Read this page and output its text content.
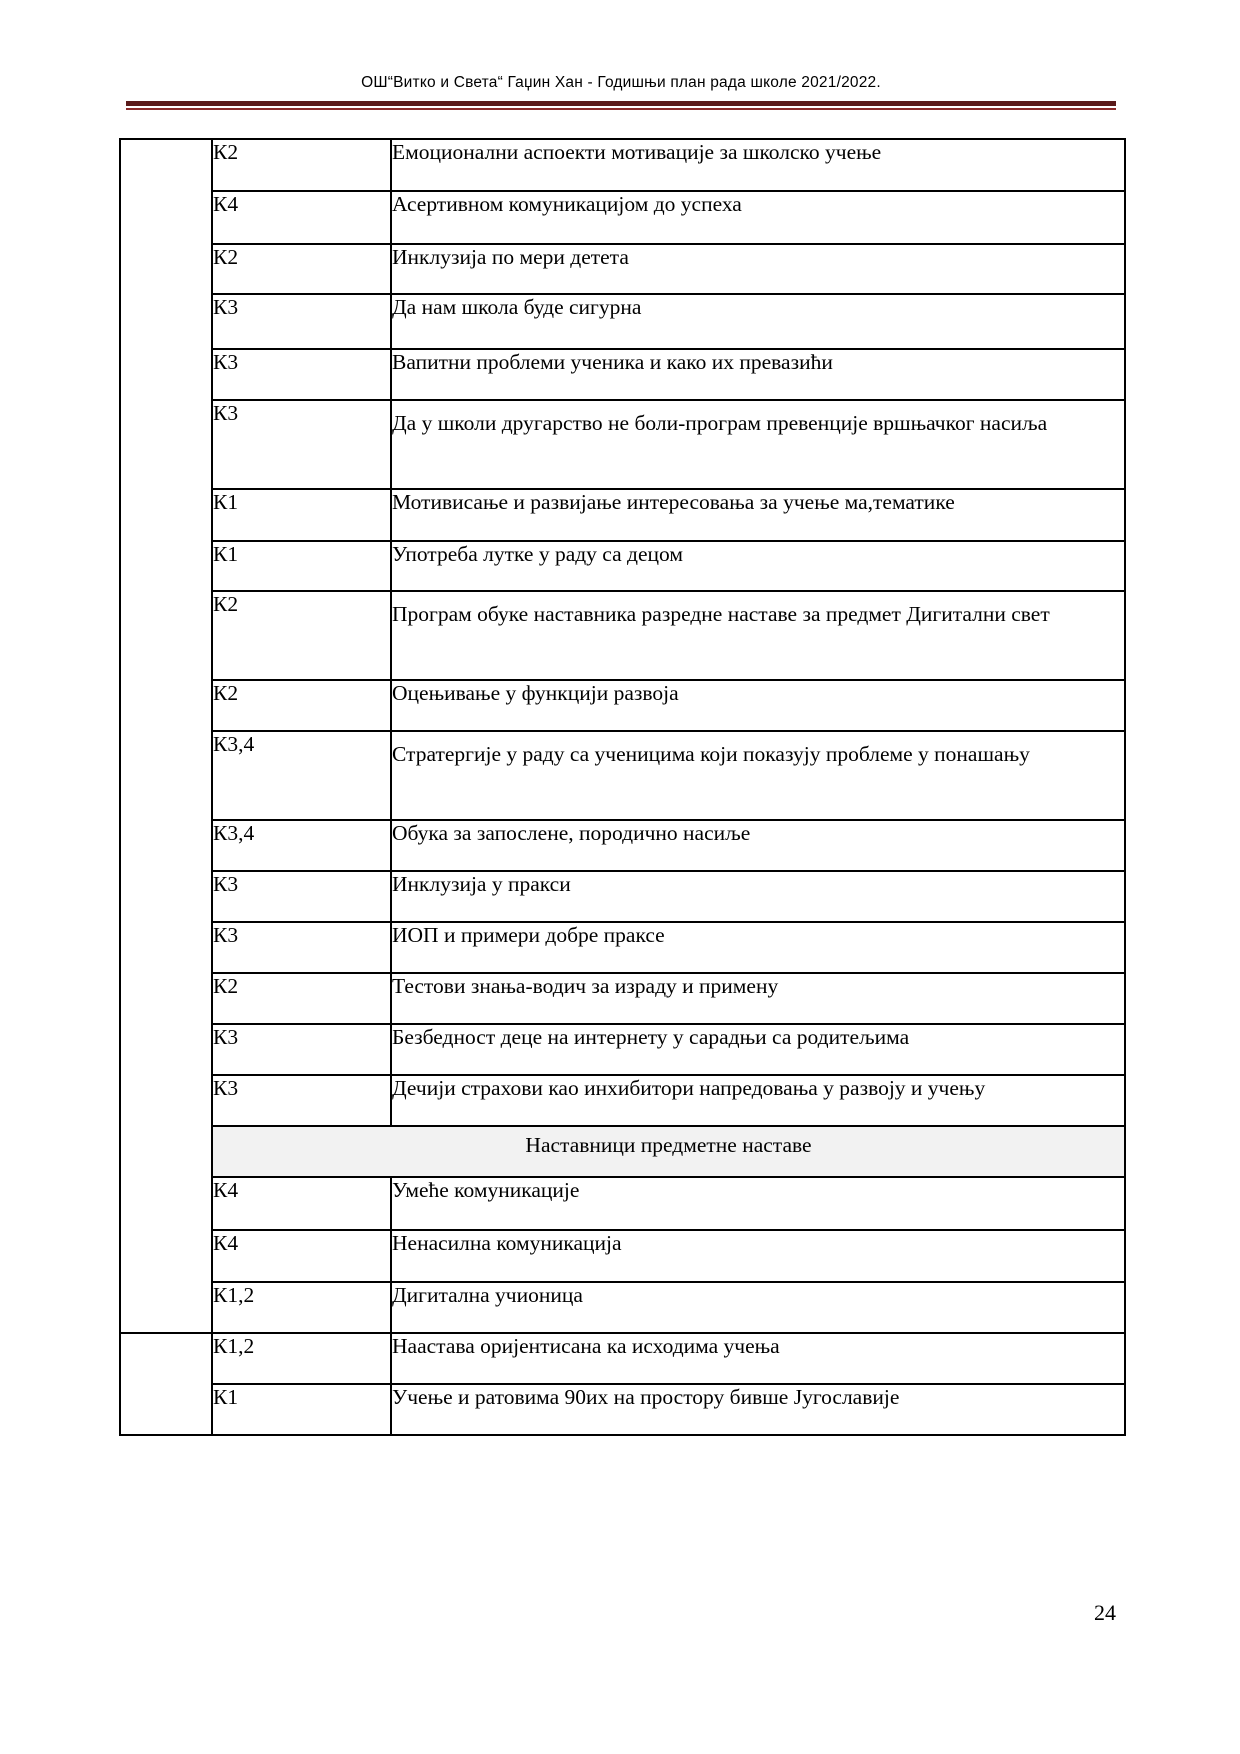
ОШ“Витко и Света“ Гаџин Хан - Годишњи план рада школе 2021/2022.
	К2	Емоционални аспоекти мотивације за школско учење
	К4	Асертивном комуникацијом до успеха
	К2	Инклузија по мери детета
	К3	Да нам школа буде сигурна
	К3	Вапитни проблеми ученика и како их превазићи
	К3	Да у школи другарство не боли-програм превенције вршњачког насиља
	К1	Мотивисање и развијање интересовања за учење ма,тематике
	К1	Употреба лутке у раду са децом
	К2	Програм обуке наставника разредне наставе за предмет Дигитални свет
	К2	Оцењивање у функцији развоја
	К3,4	Стратергије у раду са ученицима који показују проблеме у понашању
	К3,4	Обука за запослене, породично насиље
	К3	Инклузија у пракси
	К3	ИОП и примери добре праксе
	К2	Тестови знања-водич за израду и примену
	К3	Безбедност деце на интернету у сарадњи са родитељима
	К3	Дечији страхови као инхибитори напредовања у развоју и учењу
	Наставници предметне наставе	
	К4	Умеће комуникације
	К4	Ненасилна комуникација
	К1,2	Дигитална учионица
	К1,2	Наастава оријентисана ка исходима учења
	К1	Учење и ратовима 90их на простору бивше Југославије
24
